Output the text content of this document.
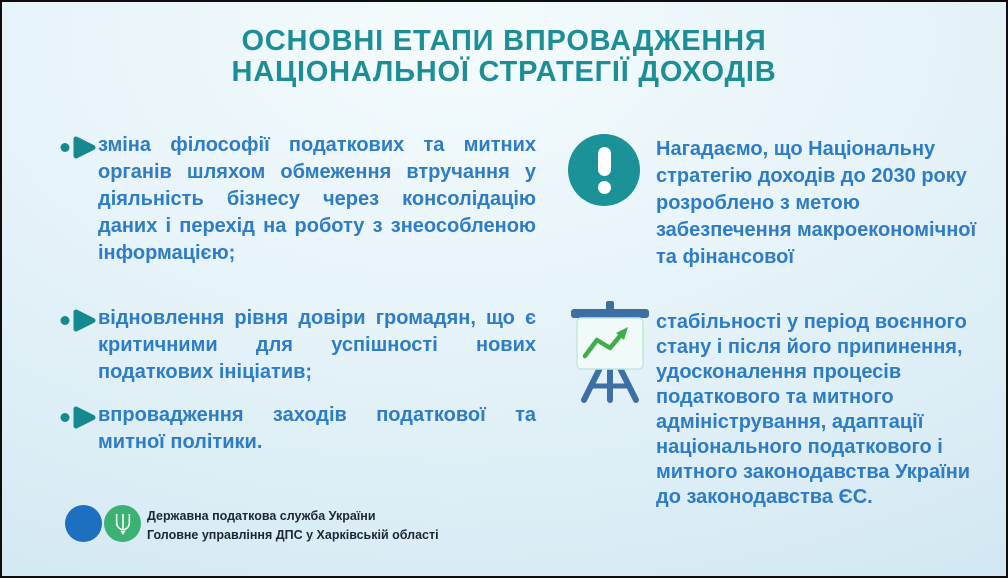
ОСНОВНІ ЕТАПИ ВПРОВАДЖЕННЯ
НАЦІОНАЛЬНОЇ СТРАТЕГІЇ ДОХОДІВ

зміна філософії податкових та митних органів шляхом обмеження втручання у діяльність бізнесу через консолідацію даних і перехід на роботу з знеособленою інформацією;

відновлення рівня довіри громадян, що є критичними для успішності нових податкових ініціатив;

впровадження заходів податкової та митної політики.

Нагадаємо, що Національну стратегію доходів до 2030 року розроблено з метою забезпечення макроекономічної та фінансової

стабільності у період воєнного стану і після його припинення, удосконалення процесів податкового та митного адміністрування, адаптації національного податкового і митного законодавства України до законодавства ЄС.

Державна податкова служба України
Головне управління ДПС у Харківській області
